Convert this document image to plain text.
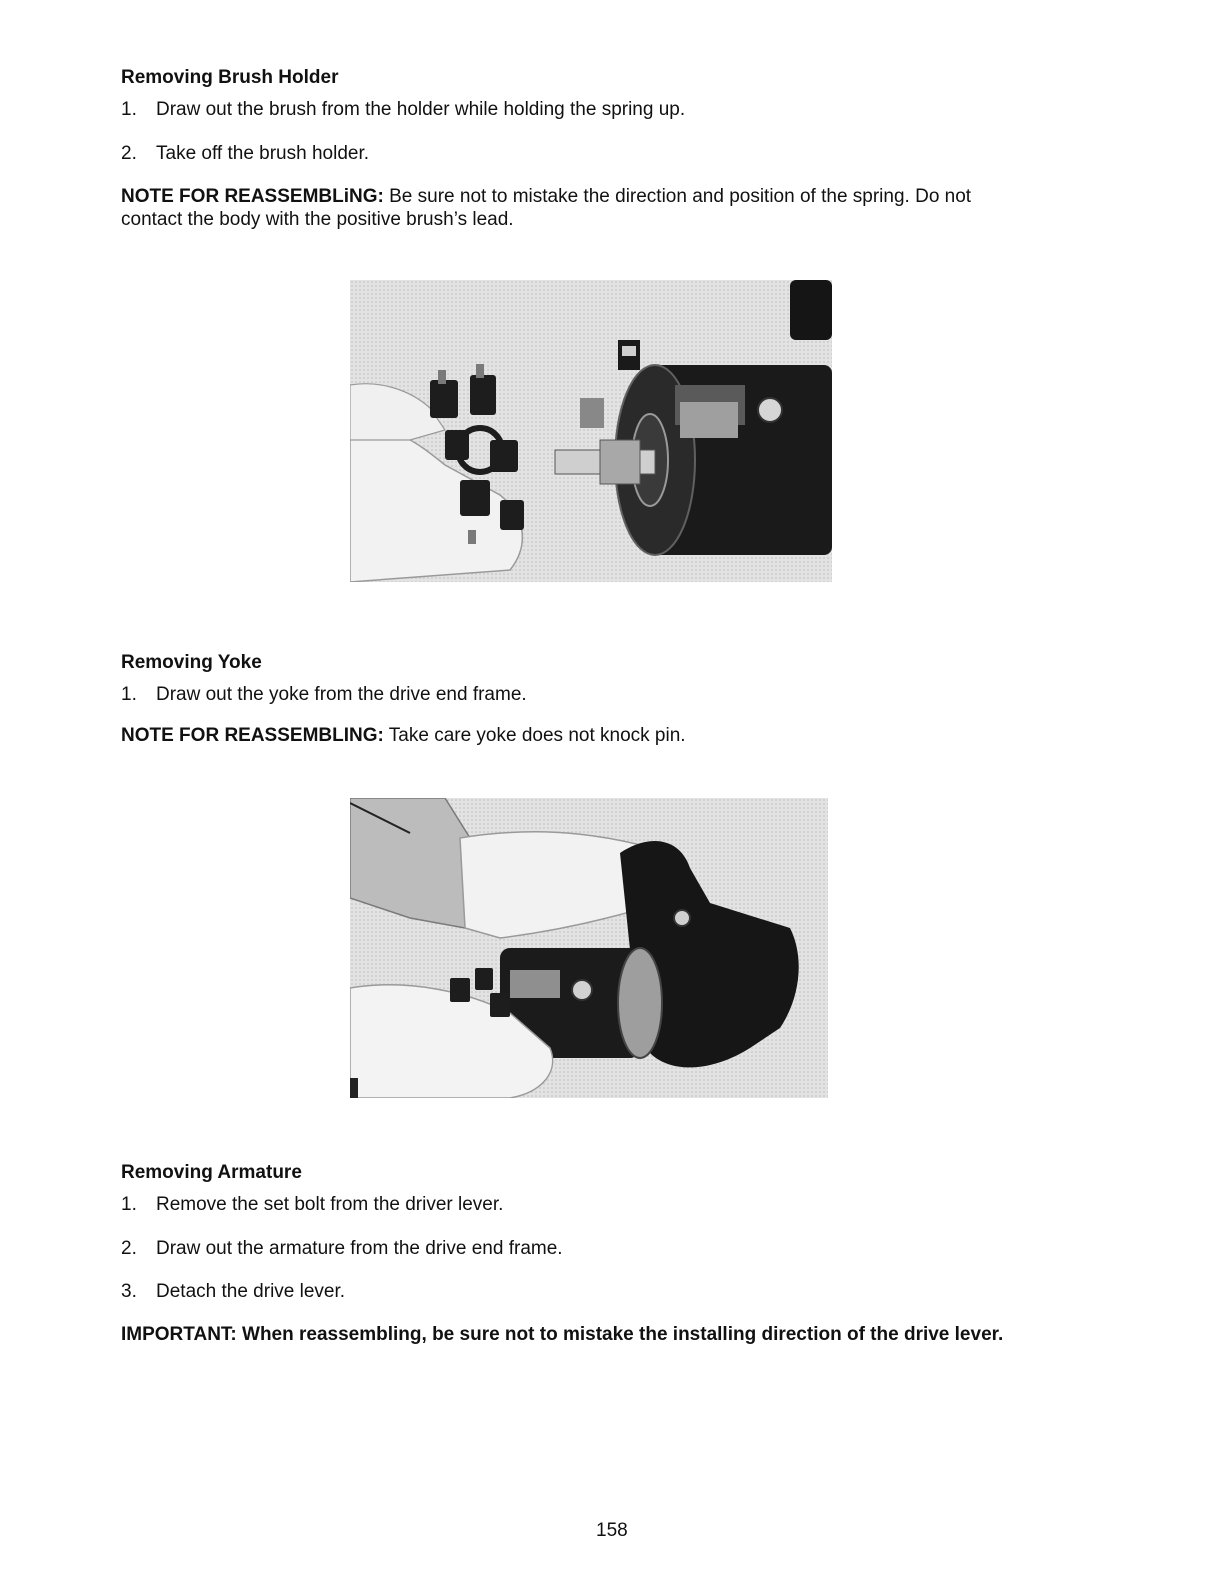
Removing Brush Holder

1. Draw out the brush from the holder while holding the spring up.

2. Take off the brush holder.

NOTE FOR REASSEMBLiNG: Be sure not to mistake the direction and position of the spring. Do not contact the body with the positive brush’s lead.

Removing Yoke

1. Draw out the yoke from the drive end frame.

NOTE FOR REASSEMBLING: Take care yoke does not knock pin.

Removing Armature

1. Remove the set bolt from the driver lever.

2. Draw out the armature from the drive end frame.

3. Detach the drive lever.

IMPORTANT: When reassembling, be sure not to mistake the installing direction of the drive lever.

158
